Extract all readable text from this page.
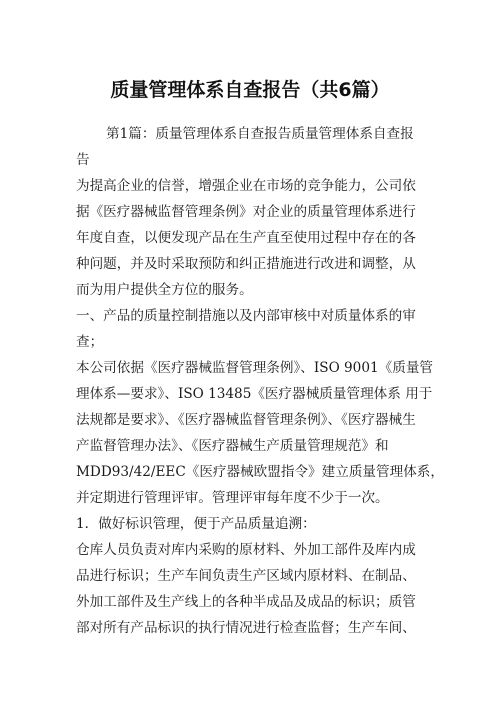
质量管理体系自查报告（共6篇）
第1篇：质量管理体系自查报告质量管理体系自查报
告
为提高企业的信誉，增强企业在市场的竞争能力，公司依
据《医疗器械监督管理条例》对企业的质量管理体系进行
年度自查，以便发现产品在生产直至使用过程中存在的各
种问题，并及时采取预防和纠正措施进行改进和调整，从
而为用户提供全方位的服务。
一、产品的质量控制措施以及内部审核中对质量体系的审
查；
本公司依据《医疗器械监督管理条例》、ISO 9001《质量管
理体系—要求》、ISO 13485《医疗器械质量管理体系 用于
法规都是要求》、《医疗器械监督管理条例》、《医疗器械生
产监督管理办法》、《医疗器械生产质量管理规范》和
MDD93/42/EEC《医疗器械欧盟指令》建立质量管理体系，
并定期进行管理评审。管理评审每年度不少于一次。
1．做好标识管理，便于产品质量追溯：
仓库人员负责对库内采购的原材料、外加工部件及库内成
品进行标识；生产车间负责生产区域内原材料、在制品、
外加工部件及生产线上的各种半成品及成品的标识；质管
部对所有产品标识的执行情况进行检查监督；生产车间、
